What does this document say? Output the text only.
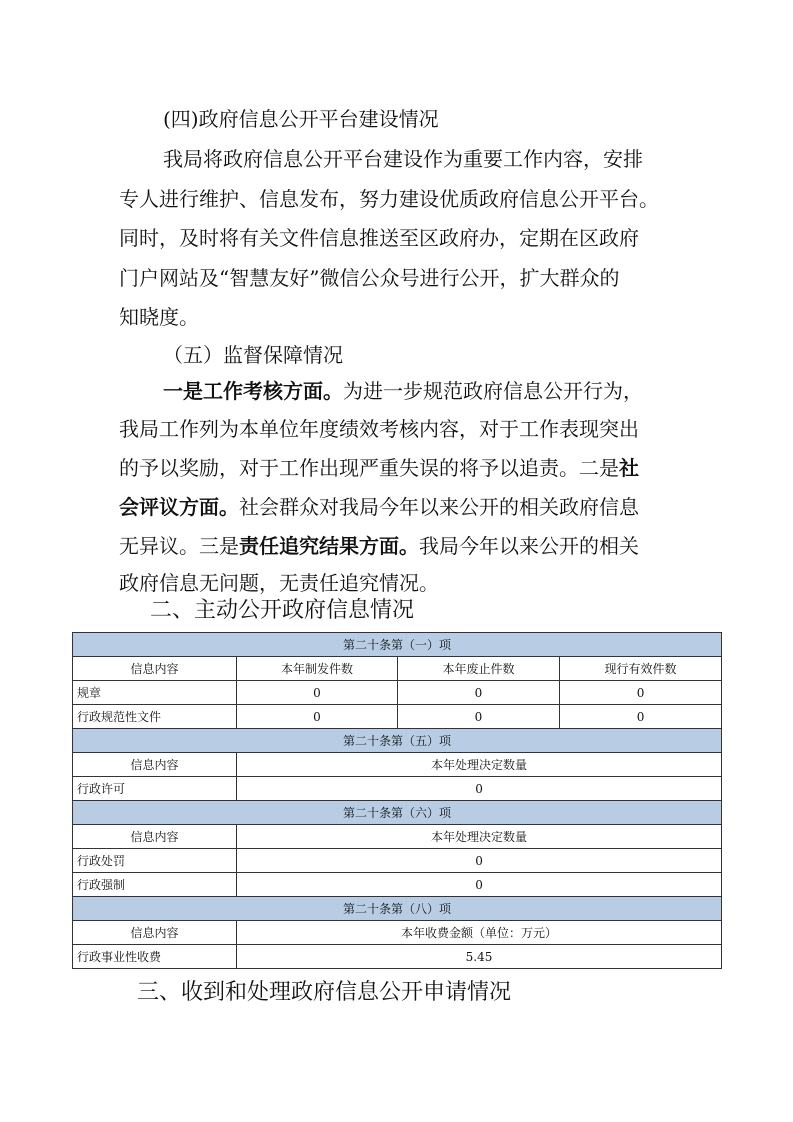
(四)政府信息公开平台建设情况
我局将政府信息公开平台建设作为重要工作内容，安排
专人进行维护、信息发布，努力建设优质政府信息公开平台。
同时，及时将有关文件信息推送至区政府办，定期在区政府
门户网站及“智慧友好”微信公众号进行公开，扩大群众的
知晓度。
（五）监督保障情况
一是工作考核方面。为进一步规范政府信息公开行为，
我局工作列为本单位年度绩效考核内容，对于工作表现突出
的予以奖励，对于工作出现严重失误的将予以追责。二是社
会评议方面。社会群众对我局今年以来公开的相关政府信息
无异议。三是责任追究结果方面。我局今年以来公开的相关
政府信息无问题，无责任追究情况。
二、主动公开政府信息情况
第二十条第（一）项			
信息内容	本年制发件数	本年废止件数	现行有效件数
规章	0	0	0
行政规范性文件	0	0	0
第二十条第（五）项			
信息内容	本年处理决定数量		
行政许可	0		
第二十条第（六）项			
信息内容	本年处理决定数量		
行政处罚	0		
行政强制	0		
第二十条第（八）项			
信息内容	本年收费金额（单位：万元）		
行政事业性收费	5.45		
三、收到和处理政府信息公开申请情况
